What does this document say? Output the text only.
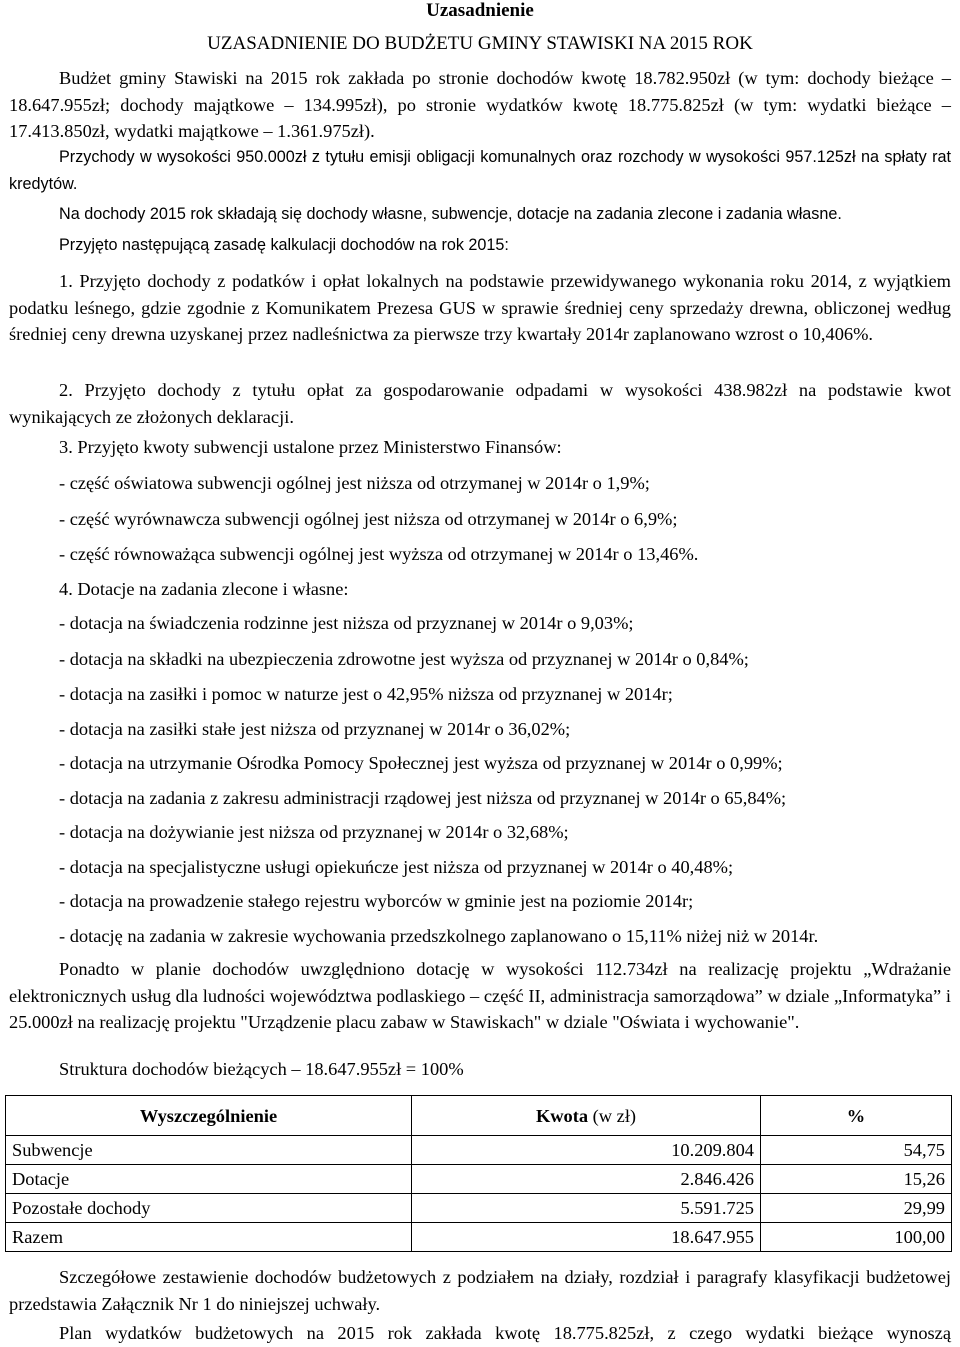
Uzasadnienie
UZASADNIENIE DO BUDŻETU GMINY STAWISKI NA 2015 ROK
Budżet gminy Stawiski na 2015 rok zakłada po stronie dochodów kwotę 18.782.950zł (w tym: dochody bieżące – 18.647.955zł; dochody majątkowe – 134.995zł), po stronie wydatków kwotę 18.775.825zł (w tym: wydatki bieżące – 17.413.850zł, wydatki majątkowe – 1.361.975zł).
Przychody w wysokości 950.000zł z tytułu emisji obligacji komunalnych oraz rozchody w wysokości 957.125zł na spłaty rat kredytów.
Na dochody 2015 rok składają się dochody własne, subwencje, dotacje na zadania zlecone i zadania własne.
Przyjęto następującą zasadę kalkulacji dochodów na rok 2015:
1. Przyjęto dochody z podatków i opłat lokalnych na podstawie przewidywanego wykonania roku 2014, z wyjątkiem podatku leśnego, gdzie zgodnie z Komunikatem Prezesa GUS w sprawie średniej ceny sprzedaży drewna, obliczonej według średniej ceny drewna uzyskanej przez nadleśnictwa za pierwsze trzy kwartały 2014r zaplanowano wzrost o 10,406%.
2. Przyjęto dochody z tytułu opłat za gospodarowanie odpadami w wysokości 438.982zł na podstawie kwot wynikających ze złożonych deklaracji.
3. Przyjęto kwoty subwencji ustalone przez Ministerstwo Finansów:
- część oświatowa subwencji ogólnej jest niższa od otrzymanej w 2014r o 1,9%;
- część wyrównawcza subwencji ogólnej jest niższa od otrzymanej w 2014r o 6,9%;
- część równoważąca subwencji ogólnej jest wyższa od otrzymanej w 2014r o 13,46%.
4. Dotacje na zadania zlecone i własne:
- dotacja na świadczenia rodzinne jest niższa od przyznanej w 2014r o 9,03%;
- dotacja na składki na ubezpieczenia zdrowotne jest wyższa od przyznanej w 2014r o 0,84%;
- dotacja na zasiłki i pomoc w naturze jest o 42,95% niższa od przyznanej w 2014r;
- dotacja na zasiłki stałe jest niższa od przyznanej w 2014r o 36,02%;
- dotacja na utrzymanie Ośrodka Pomocy Społecznej jest wyższa od przyznanej w 2014r o 0,99%;
- dotacja na zadania z zakresu administracji rządowej jest niższa od przyznanej w 2014r o 65,84%;
- dotacja na dożywianie jest niższa od przyznanej w 2014r o 32,68%;
- dotacja na specjalistyczne usługi opiekuńcze jest niższa od przyznanej w 2014r o 40,48%;
- dotacja na prowadzenie stałego rejestru wyborców w gminie jest na poziomie 2014r;
- dotację na zadania w zakresie wychowania przedszkolnego zaplanowano o 15,11% niżej niż w 2014r.
Ponadto w planie dochodów uwzględniono dotację w wysokości 112.734zł na realizację projektu „Wdrażanie elektronicznych usług dla ludności województwa podlaskiego – część II, administracja samorządowa” w dziale „Informatyka” i 25.000zł na realizację projektu "Urządzenie placu zabaw w Stawiskach" w dziale "Oświata i wychowanie".
Struktura dochodów bieżących – 18.647.955zł = 100%
Wyszczególnienie	Kwota (w zł)	%
Subwencje	10.209.804	54,75
Dotacje	2.846.426	15,26
Pozostałe dochody	5.591.725	29,99
Razem	18.647.955	100,00
Szczegółowe zestawienie dochodów budżetowych z podziałem na działy, rozdział i paragrafy klasyfikacji budżetowej przedstawia Załącznik Nr 1 do niniejszej uchwały.
Plan wydatków budżetowych na 2015 rok zakłada kwotę 18.775.825zł, z czego wydatki bieżące wynoszą
